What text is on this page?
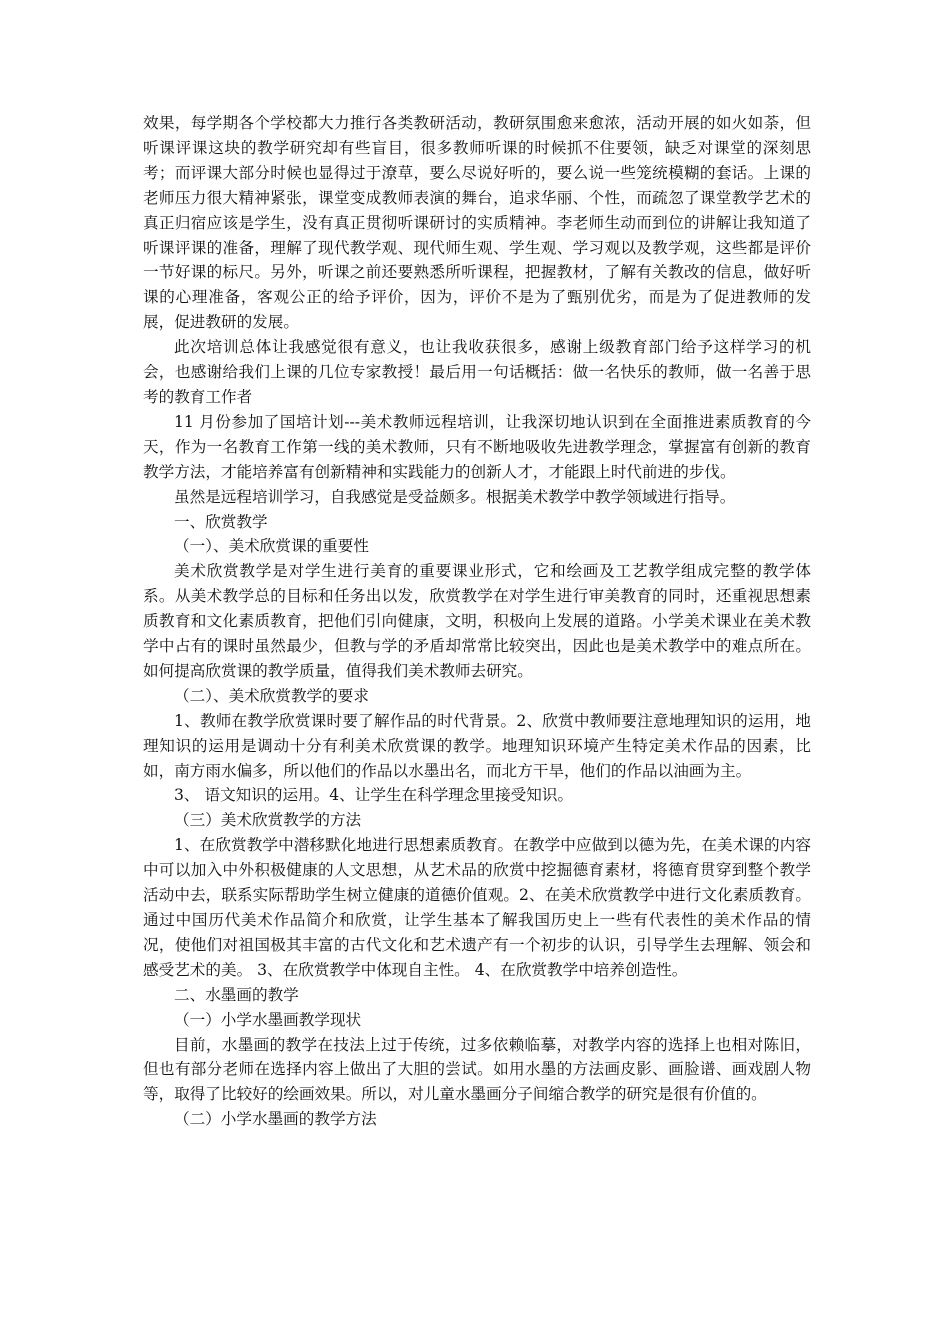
效果，每学期各个学校都大力推行各类教研活动，教研氛围愈来愈浓，活动开展的如火如荼，但听课评课这块的教学研究却有些盲目，很多教师听课的时候抓不住要领，缺乏对课堂的深刻思考；而评课大部分时候也显得过于潦草，要么尽说好听的，要么说一些笼统模糊的套话。上课的老师压力很大精神紧张，课堂变成教师表演的舞台，追求华丽、个性，而疏忽了课堂教学艺术的真正归宿应该是学生，没有真正贯彻听课研讨的实质精神。李老师生动而到位的讲解让我知道了听课评课的准备，理解了现代教学观、现代师生观、学生观、学习观以及教学观，这些都是评价一节好课的标尺。另外，听课之前还要熟悉所听课程，把握教材，了解有关教改的信息，做好听课的心理准备，客观公正的给予评价，因为，评价不是为了甄别优劣，而是为了促进教师的发展，促进教研的发展。

此次培训总体让我感觉很有意义，也让我收获很多，感谢上级教育部门给予这样学习的机会，也感谢给我们上课的几位专家教授！最后用一句话概括：做一名快乐的教师，做一名善于思考的教育工作者

11 月份参加了国培计划---美术教师远程培训，让我深切地认识到在全面推进素质教育的今天，作为一名教育工作第一线的美术教师，只有不断地吸收先进教学理念，掌握富有创新的教育教学方法，才能培养富有创新精神和实践能力的创新人才，才能跟上时代前进的步伐。

虽然是远程培训学习，自我感觉是受益颇多。根据美术教学中教学领域进行指导。

一、欣赏教学

（一）、美术欣赏课的重要性

美术欣赏教学是对学生进行美育的重要课业形式，它和绘画及工艺教学组成完整的教学体系。从美术教学总的目标和任务出以发，欣赏教学在对学生进行审美教育的同时，还重视思想素质教育和文化素质教育，把他们引向健康，文明，积极向上发展的道路。小学美术课业在美术教学中占有的课时虽然最少，但教与学的矛盾却常常比较突出，因此也是美术教学中的难点所在。如何提高欣赏课的教学质量，值得我们美术教师去研究。

（二）、美术欣赏教学的要求

1、教师在教学欣赏课时要了解作品的时代背景。2、欣赏中教师要注意地理知识的运用，地理知识的运用是调动十分有利美术欣赏课的教学。地理知识环境产生特定美术作品的因素，比如，南方雨水偏多，所以他们的作品以水墨出名，而北方干旱，他们的作品以油画为主。

3、 语文知识的运用。4、让学生在科学理念里接受知识。

（三）美术欣赏教学的方法

1、在欣赏教学中潜移默化地进行思想素质教育。在教学中应做到以德为先，在美术课的内容中可以加入中外积极健康的人文思想，从艺术品的欣赏中挖掘德育素材，将德育贯穿到整个教学活动中去，联系实际帮助学生树立健康的道德价值观。2、在美术欣赏教学中进行文化素质教育。通过中国历代美术作品简介和欣赏，让学生基本了解我国历史上一些有代表性的美术作品的情况，使他们对祖国极其丰富的古代文化和艺术遗产有一个初步的认识，引导学生去理解、领会和感受艺术的美。 3、在欣赏教学中体现自主性。 4、在欣赏教学中培养创造性。

二、水墨画的教学

（一）小学水墨画教学现状

目前，水墨画的教学在技法上过于传统，过多依赖临摹，对教学内容的选择上也相对陈旧，但也有部分老师在选择内容上做出了大胆的尝试。如用水墨的方法画皮影、画脸谱、画戏剧人物等，取得了比较好的绘画效果。所以，对儿童水墨画分子间缩合教学的研究是很有价值的。

（二）小学水墨画的教学方法
